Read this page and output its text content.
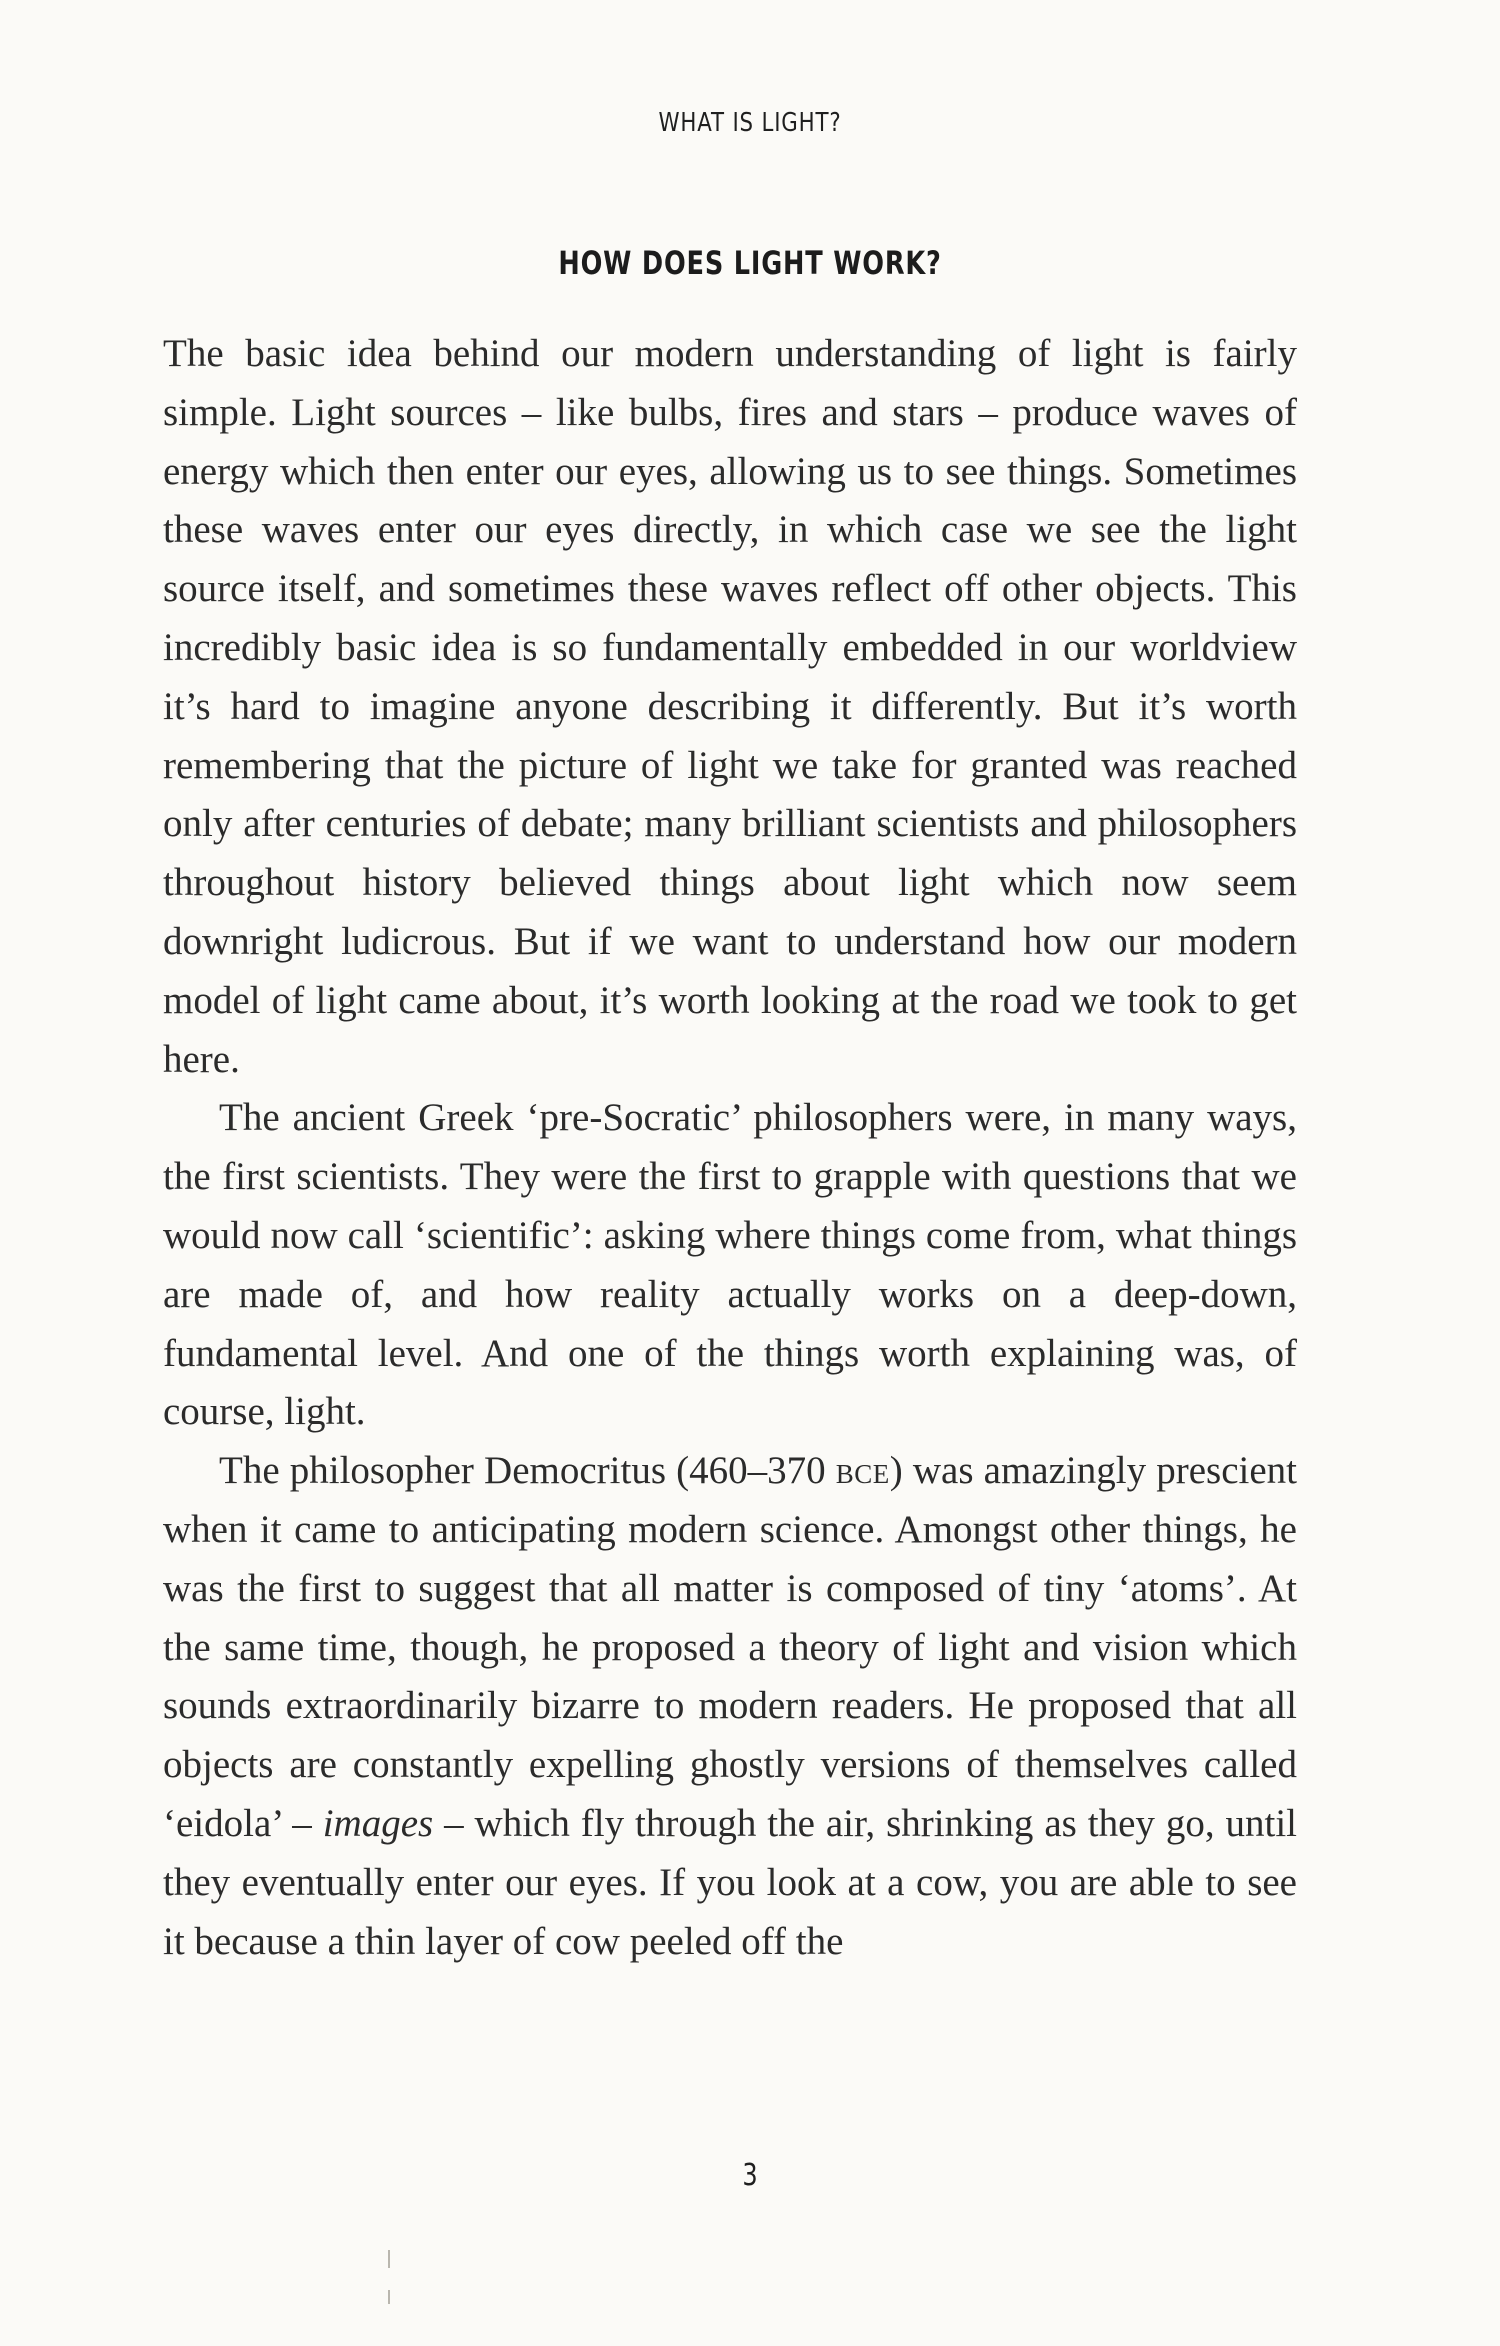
WHAT IS LIGHT?
HOW DOES LIGHT WORK?

The basic idea behind our modern understanding of light is fairly simple. Light sources – like bulbs, fires and stars – produce waves of energy which then enter our eyes, allowing us to see things. Sometimes these waves enter our eyes directly, in which case we see the light source itself, and sometimes these waves reflect off other objects. This incredibly basic idea is so fundamentally embedded in our worldview it’s hard to imagine anyone describing it differently. But it’s worth remembering that the picture of light we take for granted was reached only after centuries of debate; many brilliant scientists and philosophers throughout history believed things about light which now seem downright ludicrous. But if we want to understand how our modern model of light came about, it’s worth looking at the road we took to get here.

The ancient Greek ‘pre-Socratic’ philosophers were, in many ways, the first scientists. They were the first to grapple with questions that we would now call ‘scientific’: asking where things come from, what things are made of, and how reality actually works on a deep-down, fundamental level. And one of the things worth explaining was, of course, light.

The philosopher Democritus (460–370 bce) was amazingly prescient when it came to anticipating modern science. Amongst other things, he was the first to suggest that all matter is composed of tiny ‘atoms’. At the same time, though, he proposed a theory of light and vision which sounds extraordinarily bizarre to modern readers. He proposed that all objects are constantly expelling ghostly versions of themselves called ‘eidola’ – images – which fly through the air, shrinking as they go, until they eventually enter our eyes. If you look at a cow, you are able to see it because a thin layer of cow peeled off the

3
